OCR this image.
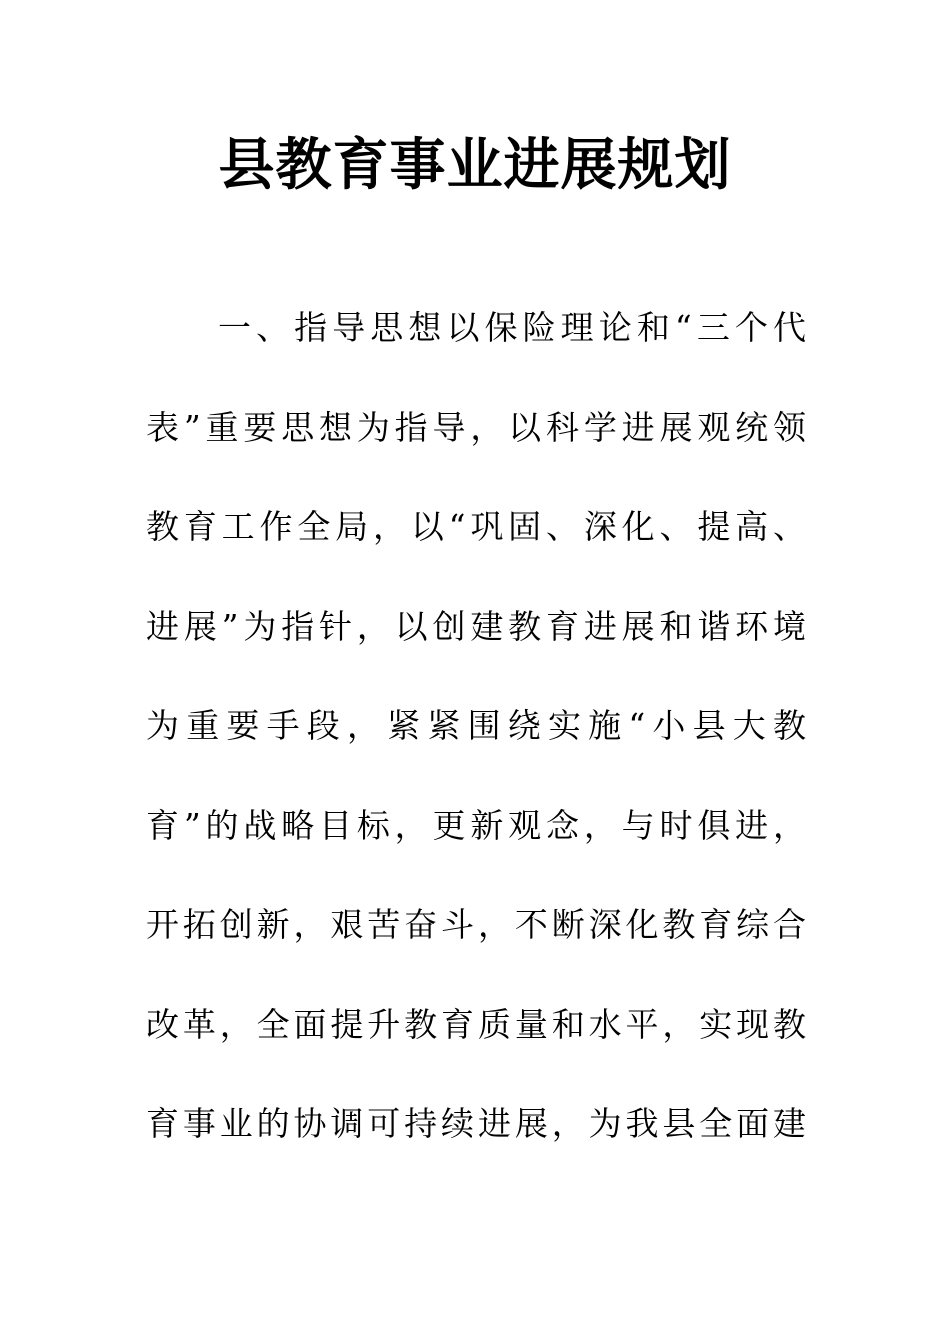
县教育事业进展规划
一、指导思想以保险理论和“三个代
表”重要思想为指导，以科学进展观统领
教育工作全局，以“巩固、深化、提高、
进展”为指针，以创建教育进展和谐环境
为重要手段，紧紧围绕实施“小县大教
育”的战略目标，更新观念，与时俱进，
开拓创新，艰苦奋斗，不断深化教育综合
改革，全面提升教育质量和水平，实现教
育事业的协调可持续进展，为我县全面建
